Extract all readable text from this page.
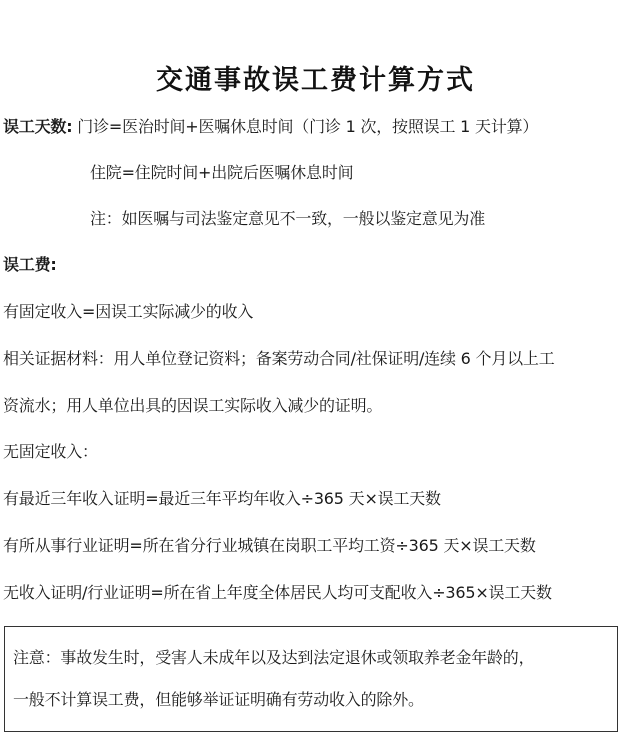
交通事故误工费计算方式
误工天数: 门诊=医治时间+医嘱休息时间（门诊 1 次，按照误工 1 天计算）
住院=住院时间+出院后医嘱休息时间
注：如医嘱与司法鉴定意见不一致，一般以鉴定意见为准
误工费:
有固定收入=因误工实际减少的收入
相关证据材料：用人单位登记资料；备案劳动合同/社保证明/连续 6 个月以上工
资流水；用人单位出具的因误工实际收入减少的证明。
无固定收入：
有最近三年收入证明=最近三年平均年收入÷365 天×误工天数
有所从事行业证明=所在省分行业城镇在岗职工平均工资÷365 天×误工天数
无收入证明/行业证明=所在省上年度全体居民人均可支配收入÷365×误工天数
注意：事故发生时，受害人未成年以及达到法定退休或领取养老金年龄的，
一般不计算误工费，但能够举证证明确有劳动收入的除外。
